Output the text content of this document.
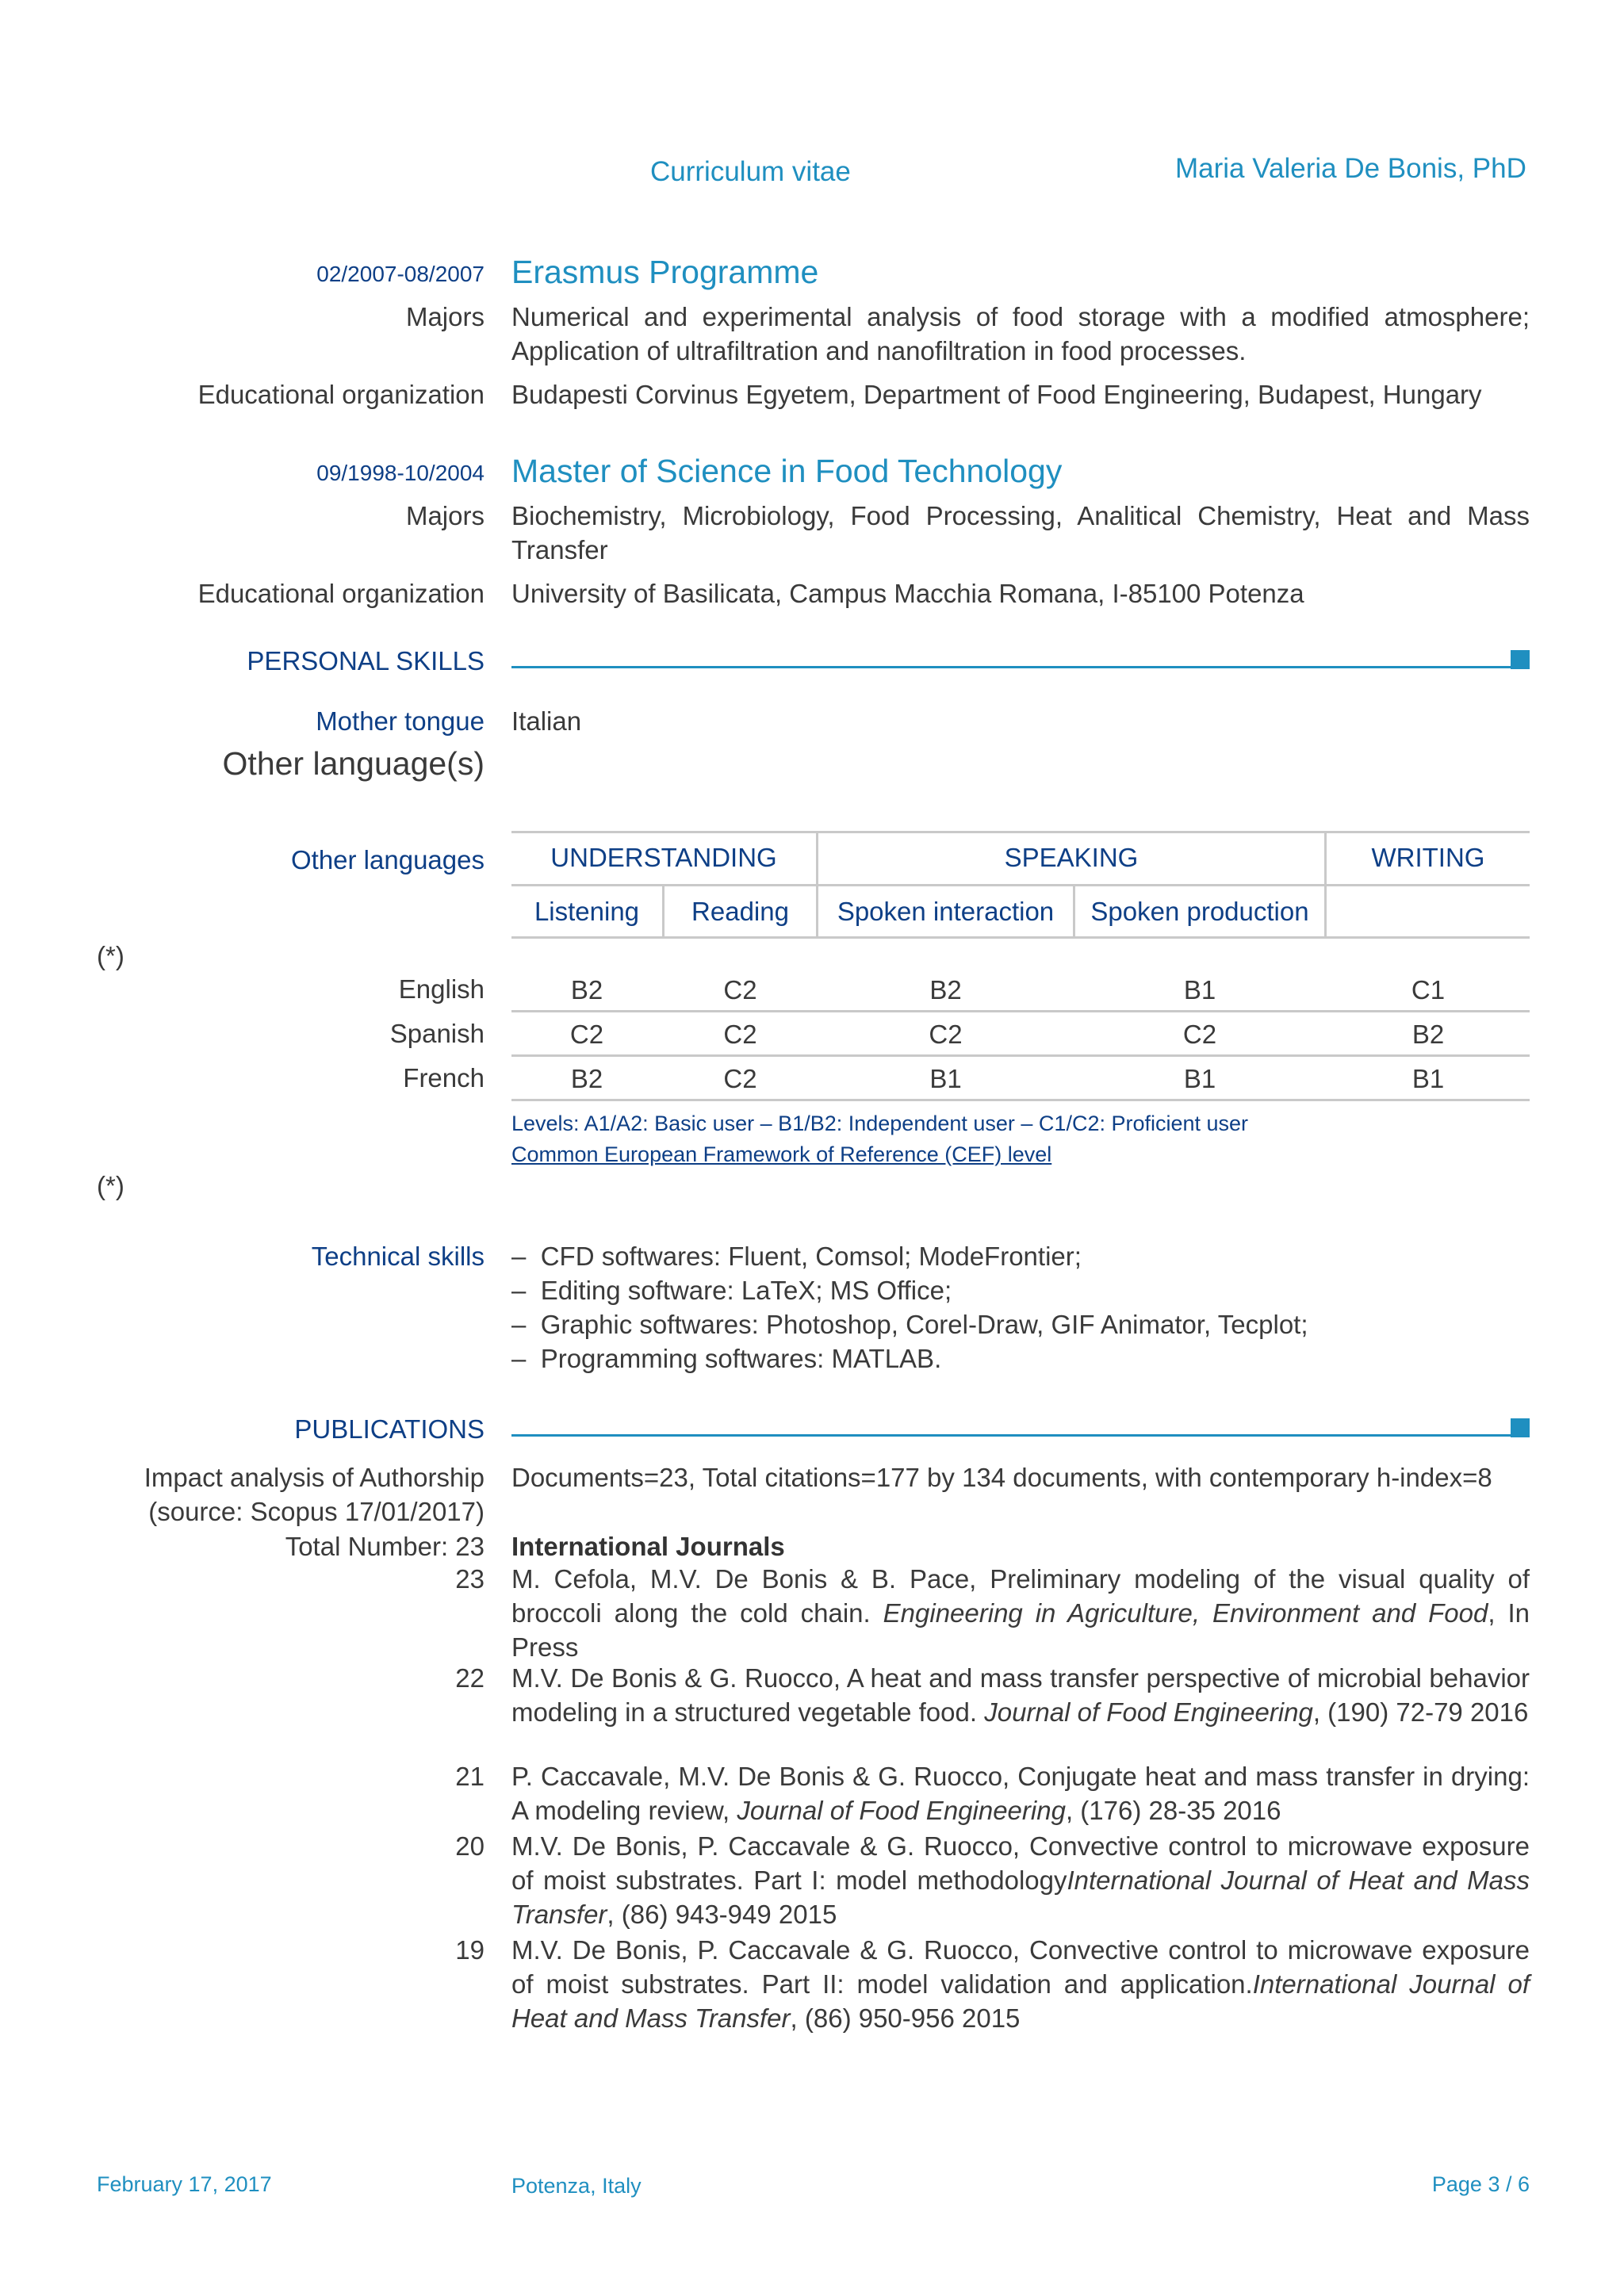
Curriculum vitae	Maria Valeria De Bonis, PhD
02/2007-08/2007 Erasmus Programme
Majors Numerical and experimental analysis of food storage with a modified atmosphere; Application of ultrafiltration and nanofiltration in food processes.
Educational organization Budapesti Corvinus Egyetem, Department of Food Engineering, Budapest, Hungary
09/1998-10/2004 Master of Science in Food Technology
Majors Biochemistry, Microbiology, Food Processing, Analitical Chemistry, Heat and Mass Transfer
Educational organization University of Basilicata, Campus Macchia Romana, I-85100 Potenza
PERSONAL SKILLS
Mother tongue Italian
Other language(s)
Other languages	UNDERSTANDING	SPEAKING	WRITING
Listening	Reading	Spoken interaction	Spoken production
(*)
English	B2	C2	B2	B1	C1
Spanish	C2	C2	C2	C2	B2
French	B2	C2	B1	B1	B1
Levels: A1/A2: Basic user – B1/B2: Independent user – C1/C2: Proficient user
Common European Framework of Reference (CEF) level
(*)
Technical skills – CFD softwares: Fluent, Comsol; ModeFrontier;
– Editing software: LaTeX; MS Office;
– Graphic softwares: Photoshop, Corel-Draw, GIF Animator, Tecplot;
– Programming softwares: MATLAB.
PUBLICATIONS
Impact analysis of Authorship
(source: Scopus 17/01/2017)
Documents=23, Total citations=177 by 134 documents, with contemporary h-index=8
Total Number: 23 International Journals
23 M. Cefola, M.V. De Bonis & B. Pace, Preliminary modeling of the visual quality of broccoli along the cold chain. Engineering in Agriculture, Environment and Food, In Press
22 M.V. De Bonis & G. Ruocco, A heat and mass transfer perspective of microbial behavior modeling in a structured vegetable food. Journal of Food Engineering, (190) 72-79 2016
21 P. Caccavale, M.V. De Bonis & G. Ruocco, Conjugate heat and mass transfer in drying: A modeling review, Journal of Food Engineering, (176) 28-35 2016
20 M.V. De Bonis, P. Caccavale & G. Ruocco, Convective control to microwave exposure of moist substrates. Part I: model methodologyInternational Journal of Heat and Mass Transfer, (86) 943-949 2015
19 M.V. De Bonis, P. Caccavale & G. Ruocco, Convective control to microwave exposure of moist substrates. Part II: model validation and application.International Journal of Heat and Mass Transfer, (86) 950-956 2015
February 17, 2017	Potenza, Italy	Page 3 / 6
